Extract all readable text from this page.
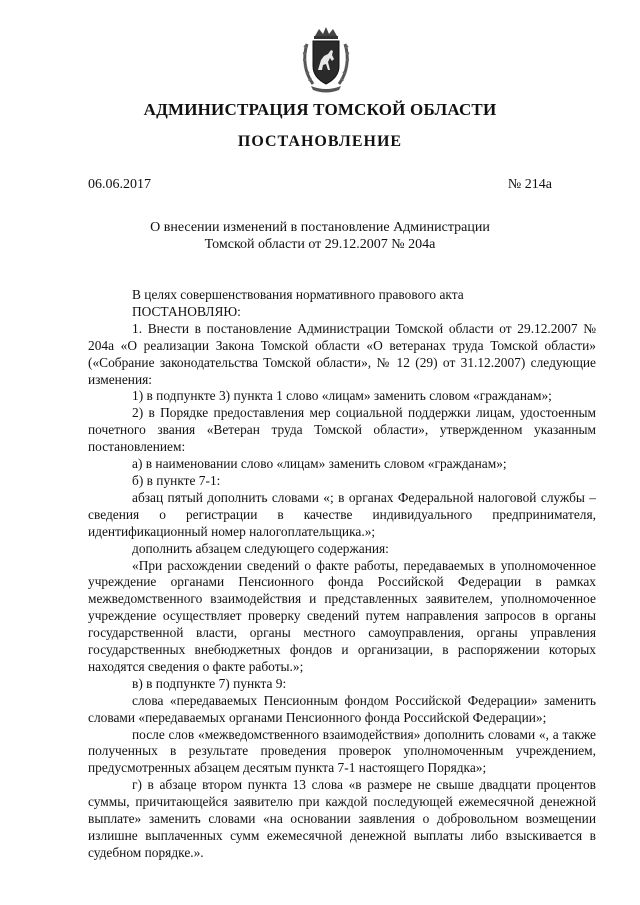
АДМИНИСТРАЦИЯ ТОМСКОЙ ОБЛАСТИ
ПОСТАНОВЛЕНИЕ
06.06.2017	№ 214а
О внесении изменений в постановление Администрации
Томской области от 29.12.2007 № 204а

В целях совершенствования нормативного правового акта

ПОСТАНОВЛЯЮ:

1. Внести в постановление Администрации Томской области от 29.12.2007 № 204а «О реализации Закона Томской области «О ветеранах труда Томской области» («Собрание законодательства Томской области», № 12 (29) от 31.12.2007) следующие изменения:

1) в подпункте 3) пункта 1 слово «лицам» заменить словом «гражданам»;

2) в Порядке предоставления мер социальной поддержки лицам, удостоенным почетного звания «Ветеран труда Томской области», утвержденном указанным постановлением:

а) в наименовании слово «лицам» заменить словом «гражданам»;

б) в пункте 7-1:

абзац пятый дополнить словами «; в органах Федеральной налоговой службы – сведения о регистрации в качестве индивидуального предпринимателя, идентификационный номер налогоплательщика.»;

дополнить абзацем следующего содержания:

«При расхождении сведений о факте работы, передаваемых в уполномоченное учреждение органами Пенсионного фонда Российской Федерации в рамках межведомственного взаимодействия и представленных заявителем, уполномоченное учреждение осуществляет проверку сведений путем направления запросов в органы государственной власти, органы местного самоуправления, органы управления государственных внебюджетных фондов и организации, в распоряжении которых находятся сведения о факте работы.»;

в) в подпункте 7) пункта 9:

слова «передаваемых Пенсионным фондом Российской Федерации» заменить словами «передаваемых органами Пенсионного фонда Российской Федерации»;

после слов «межведомственного взаимодействия» дополнить словами «, а также полученных в результате проведения проверок уполномоченным учреждением, предусмотренных абзацем десятым пункта 7-1 настоящего Порядка»;

г) в абзаце втором пункта 13 слова «в размере не свыше двадцати процентов суммы, причитающейся заявителю при каждой последующей ежемесячной денежной выплате» заменить словами «на основании заявления о добровольном возмещении излишне выплаченных сумм ежемесячной денежной выплаты либо взыскивается в судебном порядке.».
